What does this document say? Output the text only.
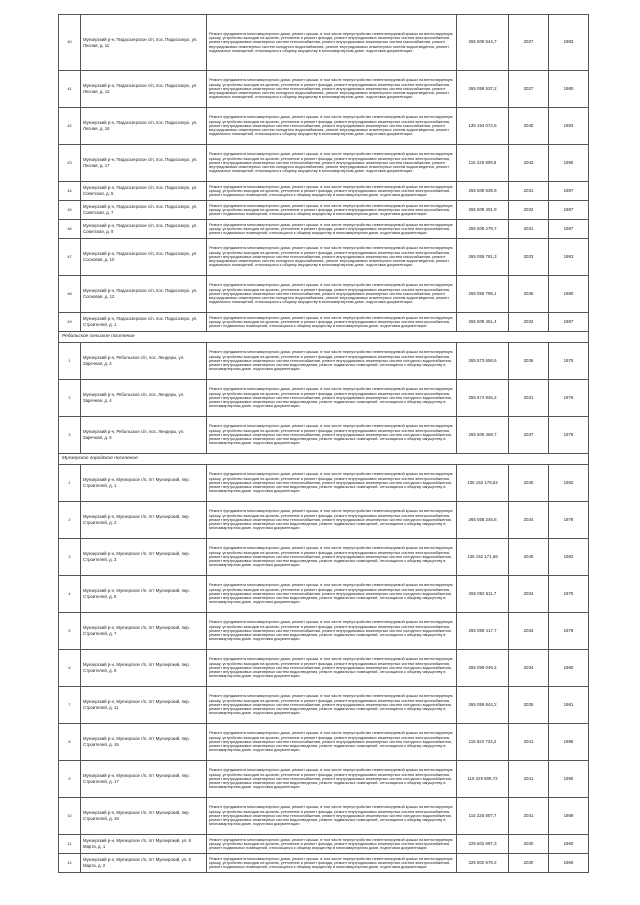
40	Муезерский р-н, Пидасозерское с/п, пос. Пидасозеро, ул. Лесная, д. 11	Ремонт фундамента многоквартирного дома, ремонт крыши, в том числе переустройство невентилируемой крыши на вентилируемую крышу, устройство выходов на кровлю, утепление и ремонт фасада, ремонт внутридомовых инженерных систем электроснабжения, ремонт внутридомовых инженерных систем теплоснабжения, ремонт внутридомовых инженерных систем газоснабжения, ремонт внутридомовых инженерных систем холодного водоснабжения, ремонт внутридомовых инженерных систем водоотведения, ремонт подвальных помещений, относящихся к общему имуществу в многоквартирном доме, подготовка документации	265 509 544,7	2027	1983
41	Муезерский р-н, Пидасозерское с/п, пос. Пидасозеро, ул. Лесная, д. 12	Ремонт фундамента многоквартирного дома, ремонт крыши, в том числе переустройство невентилируемой крыши на вентилируемую крышу, устройство выходов на кровлю, утепление и ремонт фасада, ремонт внутридомовых инженерных систем электроснабжения, ремонт внутридомовых инженерных систем теплоснабжения, ремонт внутридомовых инженерных систем газоснабжения, ремонт внутридомовых инженерных систем холодного водоснабжения, ремонт внутридомовых инженерных систем водоотведения, ремонт подвальных помещений, относящихся к общему имуществу в многоквартирном доме, подготовка документации	265 059 537,2	2027	1980
42	Муезерский р-н, Пидасозерское с/п, пос. Пидасозеро, ул. Лесная, д. 16	Ремонт фундамента многоквартирного дома, ремонт крыши, в том числе переустройство невентилируемой крыши на вентилируемую крышу, устройство выходов на кровлю, утепление и ремонт фасада, ремонт внутридомовых инженерных систем электроснабжения, ремонт внутридомовых инженерных систем теплоснабжения, ремонт внутридомовых инженерных систем газоснабжения, ремонт внутридомовых инженерных систем холодного водоснабжения, ремонт внутридомовых инженерных систем водоотведения, ремонт подвальных помещений, относящихся к общему имуществу в многоквартирном доме, подготовка документации	135 154 072,6	2040	1993
43	Муезерский р-н, Пидасозерское с/п, пос. Пидасозеро, ул. Лесная, д. 17	Ремонт фундамента многоквартирного дома, ремонт крыши, в том числе переустройство невентилируемой крыши на вентилируемую крышу, устройство выходов на кровлю, утепление и ремонт фасада, ремонт внутридомовых инженерных систем электроснабжения, ремонт внутридомовых инженерных систем теплоснабжения, ремонт внутридомовых инженерных систем газоснабжения, ремонт внутридомовых инженерных систем холодного водоснабжения, ремонт внутридомовых инженерных систем водоотведения, ремонт подвальных помещений, относящихся к общему имуществу в многоквартирном доме, подготовка документации	115 225 809,8	2042	1990
44	Муезерский р-н, Пидасозерское с/п, пос. Пидасозеро, ул. Советская, д. 5	Ремонт фундамента многоквартирного дома, ремонт крыши, в том числе переустройство невентилируемой крыши на вентилируемую крышу, устройство выходов на кровлю, утепление и ремонт фасада, ремонт внутридомовых инженерных систем электроснабжения, ремонт подвальных помещений, относящихся к общему имуществу в многоквартирном доме, подготовка документации	265 509 639,9	2031	1987
45	Муезерский р-н, Пидасозерское с/п, пос. Пидасозеро, ул. Советская, д. 7	Ремонт фундамента многоквартирного дома, ремонт крыши, в том числе переустройство невентилируемой крыши на вентилируемую крышу, устройство выходов на кровлю, утепление и ремонт фасада, ремонт внутридомовых инженерных систем электроснабжения, ремонт подвальных помещений, относящихся к общему имуществу в многоквартирном доме, подготовка документации	265 509 401,9	2032	1987
46	Муезерский р-н, Пидасозерское с/п, пос. Пидасозеро, ул. Советская, д. 9	Ремонт фундамента многоквартирного дома, ремонт крыши, в том числе переустройство невентилируемой крыши на вентилируемую крышу, устройство выходов на кровлю, утепление и ремонт фасада, ремонт внутридомовых инженерных систем электроснабжения, ремонт подвальных помещений, относящихся к общему имуществу в многоквартирном доме, подготовка документации	265 509 279,7	2031	1987
47	Муезерский р-н, Пидасозерское с/п, пос. Пидасозеро, ул. Сосновая, д. 10	Ремонт фундамента многоквартирного дома, ремонт крыши, в том числе переустройство невентилируемой крыши на вентилируемую крышу, устройство выходов на кровлю, утепление и ремонт фасада, ремонт внутридомовых инженерных систем электроснабжения, ремонт внутридомовых инженерных систем теплоснабжения, ремонт внутридомовых инженерных систем газоснабжения, ремонт внутридомовых инженерных систем холодного водоснабжения, ремонт внутридомовых инженерных систем водоотведения, ремонт подвальных помещений, относящихся к общему имуществу в многоквартирном доме, подготовка документации	265 055 781,3	2033	1983
48	Муезерский р-н, Пидасозерское с/п, пос. Пидасозеро, ул. Сосновая, д. 12	Ремонт фундамента многоквартирного дома, ремонт крыши, в том числе переустройство невентилируемой крыши на вентилируемую крышу, устройство выходов на кровлю, утепление и ремонт фасада, ремонт внутридомовых инженерных систем электроснабжения, ремонт внутридомовых инженерных систем теплоснабжения, ремонт внутридомовых инженерных систем газоснабжения, ремонт внутридомовых инженерных систем холодного водоснабжения, ремонт внутридомовых инженерных систем водоотведения, ремонт подвальных помещений, относящихся к общему имуществу в многоквартирном доме, подготовка документации	265 055 799,1	2036	1980
49	Муезерский р-н, Пидасозерское с/п, пос. Пидасозеро, ул. Строителей, д. 1	Ремонт фундамента многоквартирного дома, ремонт крыши, в том числе переустройство невентилируемой крыши на вентилируемую крышу, устройство выходов на кровлю, утепление и ремонт фасада, ремонт внутридомовых инженерных систем электроснабжения, ремонт подвальных помещений, относящихся к общему имуществу в многоквартирном доме, подготовка документации	265 509 451,4	2032	1987
Ребольское сельское поселение					
1	Муезерский р-н, Ребольское с/п, пос. Лендеры, ул. Заречная, д. 2	Ремонт фундамента многоквартирного дома, ремонт крыши, в том числе переустройство невентилируемой крыши на вентилируемую крышу, устройство выходов на кровлю, утепление и ремонт фасада, ремонт внутридомовых инженерных систем электроснабжения, ремонт внутридомовых инженерных систем теплоснабжения, ремонт внутридомовых инженерных систем холодного водоснабжения, ремонт внутридомовых инженерных систем водоотведения, ремонт подвальных помещений, относящихся к общему имуществу в многоквартирном доме, подготовка документации	265 573 658,6	2036	1975
2	Муезерский р-н, Ребольское с/п, пос. Лендеры, ул. Заречная, д. 4	Ремонт фундамента многоквартирного дома, ремонт крыши, в том числе переустройство невентилируемой крыши на вентилируемую крышу, устройство выходов на кровлю, утепление и ремонт фасада, ремонт внутридомовых инженерных систем электроснабжения, ремонт внутридомовых инженерных систем теплоснабжения, ремонт внутридомовых инженерных систем холодного водоснабжения, ремонт внутридомовых инженерных систем водоотведения, ремонт подвальных помещений, относящихся к общему имуществу в многоквартирном доме, подготовка документации	255 674 945,2	2031	1976
3	Муезерский р-н, Ребольское с/п, пос. Лендеры, ул. Заречная, д. 6	Ремонт фундамента многоквартирного дома, ремонт крыши, в том числе переустройство невентилируемой крыши на вентилируемую крышу, устройство выходов на кровлю, утепление и ремонт фасада, ремонт внутридомовых инженерных систем электроснабжения, ремонт внутридомовых инженерных систем теплоснабжения, ремонт внутридомовых инженерных систем холодного водоснабжения, ремонт внутридомовых инженерных систем водоотведения, ремонт подвальных помещений, относящихся к общему имуществу в многоквартирном доме, подготовка документации	265 505 469,7	2037	1976
Муезерское городское поселение					
1	Муезерский р-н, Муезерское г/п, пгт Муезерский, пер. Строителей, д. 1	Ремонт фундамента многоквартирного дома, ремонт крыши, в том числе переустройство невентилируемой крыши на вентилируемую крышу, устройство выходов на кровлю, утепление и ремонт фасада, ремонт внутридомовых инженерных систем электроснабжения, ремонт внутридомовых инженерных систем теплоснабжения, ремонт внутридомовых инженерных систем холодного водоснабжения, ремонт внутридомовых инженерных систем водоотведения, ремонт подвальных помещений, относящихся к общему имуществу в многоквартирном доме, подготовка документации	135 152 179,62	2040	1982
2	Муезерский р-н, Муезерское г/п, пгт Муезерский, пер. Строителей, д. 2	Ремонт фундамента многоквартирного дома, ремонт крыши, в том числе переустройство невентилируемой крыши на вентилируемую крышу, устройство выходов на кровлю, утепление и ремонт фасада, ремонт внутридомовых инженерных систем электроснабжения, ремонт внутридомовых инженерных систем теплоснабжения, ремонт внутридомовых инженерных систем холодного водоснабжения, ремонт внутридомовых инженерных систем водоотведения, ремонт подвальных помещений, относящихся к общему имуществу в многоквартирном доме, подготовка документации	265 058 248,6	2034	1978
3	Муезерский р-н, Муезерское г/п, пгт Муезерский, пер. Строителей, д. 3	Ремонт фундамента многоквартирного дома, ремонт крыши, в том числе переустройство невентилируемой крыши на вентилируемую крышу, устройство выходов на кровлю, утепление и ремонт фасада, ремонт внутридомовых инженерных систем электроснабжения, ремонт внутридомовых инженерных систем теплоснабжения, ремонт внутридомовых инженерных систем холодного водоснабжения, ремонт внутридомовых инженерных систем водоотведения, ремонт подвальных помещений, относящихся к общему имуществу в многоквартирном доме, подготовка документации	135 152 171,56	2040	1982
4	Муезерский р-н, Муезерское г/п, пгт Муезерский, пер. Строителей, д. 5	Ремонт фундамента многоквартирного дома, ремонт крыши, в том числе переустройство невентилируемой крыши на вентилируемую крышу, устройство выходов на кровлю, утепление и ремонт фасада, ремонт внутридомовых инженерных систем электроснабжения, ремонт внутридомовых инженерных систем теплоснабжения, ремонт внутридомовых инженерных систем холодного водоснабжения, ремонт внутридомовых инженерных систем водоотведения, ремонт подвальных помещений, относящихся к общему имуществу в многоквартирном доме, подготовка документации	265 053 511,7	2034	1975
5	Муезерский р-н, Муезерское г/п, пгт Муезерский, пер. Строителей, д. 7	Ремонт фундамента многоквартирного дома, ремонт крыши, в том числе переустройство невентилируемой крыши на вентилируемую крышу, устройство выходов на кровлю, утепление и ремонт фасада, ремонт внутридомовых инженерных систем электроснабжения, ремонт внутридомовых инженерных систем теплоснабжения, ремонт внутридомовых инженерных систем холодного водоснабжения, ремонт внутридомовых инженерных систем водоотведения, ремонт подвальных помещений, относящихся к общему имуществу в многоквартирном доме, подготовка документации	265 059 417,7	2034	1978
6	Муезерский р-н, Муезерское г/п, пгт Муезерский, пер. Строителей, д. 9	Ремонт фундамента многоквартирного дома, ремонт крыши, в том числе переустройство невентилируемой крыши на вентилируемую крышу, устройство выходов на кровлю, утепление и ремонт фасада, ремонт внутридомовых инженерных систем электроснабжения, ремонт внутридомовых инженерных систем теплоснабжения, ремонт внутридомовых инженерных систем холодного водоснабжения, ремонт внутридомовых инженерных систем водоотведения, ремонт подвальных помещений, относящихся к общему имуществу в многоквартирном доме, подготовка документации	265 059 049,2	2034	1980
7	Муезерский р-н, Муезерское г/п, пгт Муезерский, пер. Строителей, д. 11	Ремонт фундамента многоквартирного дома, ремонт крыши, в том числе переустройство невентилируемой крыши на вентилируемую крышу, устройство выходов на кровлю, утепление и ремонт фасада, ремонт внутридомовых инженерных систем электроснабжения, ремонт внутридомовых инженерных систем теплоснабжения, ремонт внутридомовых инженерных систем холодного водоснабжения, ремонт внутридомовых инженерных систем водоотведения, ремонт подвальных помещений, относящихся к общему имуществу в многоквартирном доме, подготовка документации	265 059 844,2	2035	1981
8	Муезерский р-н, Муезерское г/п, пгт Муезерский, пер. Строителей, д. 15	Ремонт фундамента многоквартирного дома, ремонт крыши, в том числе переустройство невентилируемой крыши на вентилируемую крышу, устройство выходов на кровлю, утепление и ремонт фасада, ремонт внутридомовых инженерных систем электроснабжения, ремонт внутридомовых инженерных систем теплоснабжения, ремонт внутридомовых инженерных систем холодного водоснабжения, ремонт внутридомовых инженерных систем водоотведения, ремонт подвальных помещений, относящихся к общему имуществу в многоквартирном доме, подготовка документации	115 522 724,2	2041	1986
9	Муезерский р-н, Муезерское г/п, пгт Муезерский, пер. Строителей, д. 17	Ремонт фундамента многоквартирного дома, ремонт крыши, в том числе переустройство невентилируемой крыши на вентилируемую крышу, устройство выходов на кровлю, утепление и ремонт фасада, ремонт внутридомовых инженерных систем электроснабжения, ремонт внутридомовых инженерных систем теплоснабжения, ремонт внутридомовых инженерных систем холодного водоснабжения, ремонт внутридомовых инженерных систем водоотведения, ремонт подвальных помещений, относящихся к общему имуществу в многоквартирном доме, подготовка документации	115 229 809,72	2041	1990
10	Муезерский р-н, Муезерское г/п, пгт Муезерский, пер. Строителей, д. 19	Ремонт фундамента многоквартирного дома, ремонт крыши, в том числе переустройство невентилируемой крыши на вентилируемую крышу, устройство выходов на кровлю, утепление и ремонт фасада, ремонт внутридомовых инженерных систем электроснабжения, ремонт внутридомовых инженерных систем теплоснабжения, ремонт внутридомовых инженерных систем холодного водоснабжения, ремонт внутридомовых инженерных систем водоотведения, ремонт подвальных помещений, относящихся к общему имуществу в многоквартирном доме, подготовка документации	115 225 807,7	2041	1989
11	Муезерский р-н, Муезерское г/п, пгт Муезерский, ул. 8 Марта, д. 1	Ремонт фундамента многоквартирного дома, ремонт крыши, в том числе переустройство невентилируемой крыши на вентилируемую крышу, устройство выходов на кровлю, утепление и ремонт фасада, ремонт внутридомовых инженерных систем электроснабжения, ремонт подвальных помещений, относящихся к общему имуществу в многоквартирном доме, подготовка документации	225 602 697,3	2030	1960
12	Муезерский р-н, Муезерское г/п, пгт Муезерский, ул. 8 Марта, д. 2	Ремонт фундамента многоквартирного дома, ремонт крыши, в том числе переустройство невентилируемой крыши на вентилируемую крышу, устройство выходов на кровлю, утепление и ремонт фасада, ремонт внутридомовых инженерных систем электроснабжения, ремонт подвальных помещений, относящихся к общему имуществу в многоквартирном доме, подготовка документации	225 602 679,2	2030	1960
